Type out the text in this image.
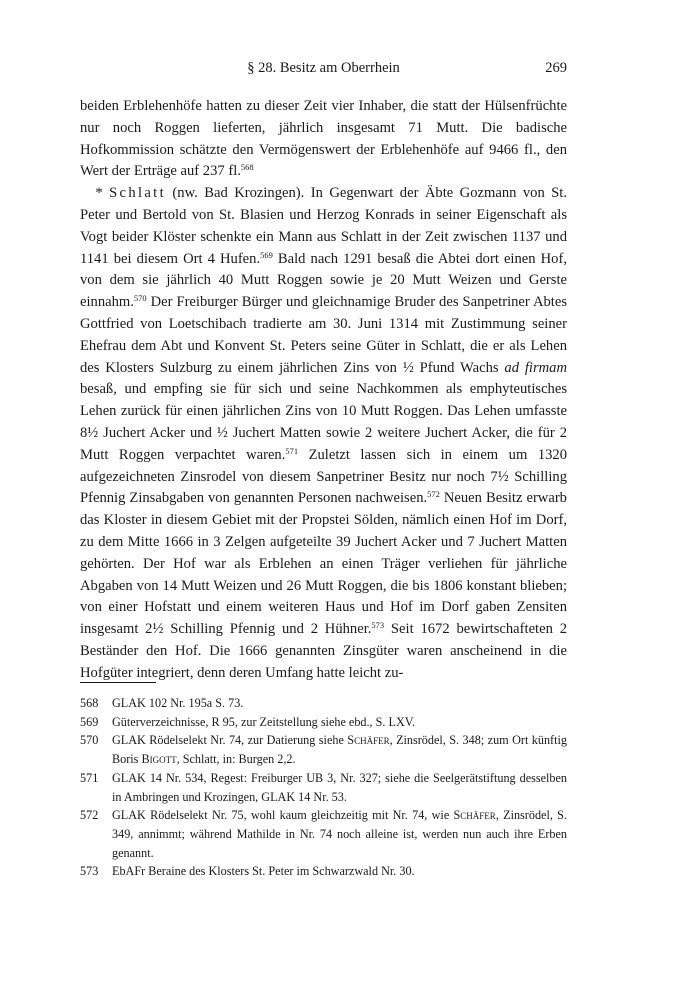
§ 28. Besitz am Oberrhein	269

beiden Erblehenhöfe hatten zu dieser Zeit vier Inhaber, die statt der Hülsenfrüchte nur noch Roggen lieferten, jährlich insgesamt 71 Mutt. Die badische Hofkommission schätzte den Vermögenswert der Erblehenhöfe auf 9466 fl., den Wert der Erträge auf 237 fl.$^{568}$

* Schlatt (nw. Bad Krozingen). In Gegenwart der Äbte Gozmann von St. Peter und Bertold von St. Blasien und Herzog Konrads in seiner Eigenschaft als Vogt beider Klöster schenkte ein Mann aus Schlatt in der Zeit zwischen 1137 und 1141 bei diesem Ort 4 Hufen.$^{569}$ Bald nach 1291 besaß die Abtei dort einen Hof, von dem sie jährlich 40 Mutt Roggen sowie je 20 Mutt Weizen und Gerste einnahm.$^{570}$ Der Freiburger Bürger und gleichnamige Bruder des Sanpetriner Abtes Gottfried von Loetschibach tradierte am 30. Juni 1314 mit Zustimmung seiner Ehefrau dem Abt und Konvent St. Peters seine Güter in Schlatt, die er als Lehen des Klosters Sulzburg zu einem jährlichen Zins von ½ Pfund Wachs ad firmam besaß, und empfing sie für sich und seine Nachkommen als emphyteutisches Lehen zurück für einen jährlichen Zins von 10 Mutt Roggen. Das Lehen umfasste 8½ Juchert Acker und ½ Juchert Matten sowie 2 weitere Juchert Acker, die für 2 Mutt Roggen verpachtet waren.$^{571}$ Zuletzt lassen sich in einem um 1320 aufgezeichneten Zinsrodel von diesem Sanpetriner Besitz nur noch 7½ Schilling Pfennig Zinsabgaben von genannten Personen nachweisen.$^{572}$ Neuen Besitz erwarb das Kloster in diesem Gebiet mit der Propstei Sölden, nämlich einen Hof im Dorf, zu dem Mitte 1666 in 3 Zelgen aufgeteilte 39 Juchert Acker und 7 Juchert Matten gehörten. Der Hof war als Erblehen an einen Träger verliehen für jährliche Abgaben von 14 Mutt Weizen und 26 Mutt Roggen, die bis 1806 konstant blieben; von einer Hofstatt und einem weiteren Haus und Hof im Dorf gaben Zensiten insgesamt 2½ Schilling Pfennig und 2 Hühner.$^{573}$ Seit 1672 bewirtschafteten 2 Beständer den Hof. Die 1666 genannten Zinsgüter waren anscheinend in die Hofgüter integriert, denn deren Umfang hatte leicht zu-

568	GLAK 102 Nr. 195a S. 73.
569	Güterverzeichnisse, R 95, zur Zeitstellung siehe ebd., S. LXV.
570	GLAK Rödelselekt Nr. 74, zur Datierung siehe Schäfer, Zinsrödel, S. 348; zum Ort künftig Boris Bigott, Schlatt, in: Burgen 2,2.
571	GLAK 14 Nr. 534, Regest: Freiburger UB 3, Nr. 327; siehe die Seelgerätstiftung desselben in Ambringen und Krozingen, GLAK 14 Nr. 53.
572	GLAK Rödelselekt Nr. 75, wohl kaum gleichzeitig mit Nr. 74, wie Schäfer, Zinsrödel, S. 349, annimmt; während Mathilde in Nr. 74 noch alleine ist, werden nun auch ihre Erben genannt.
573	EbAFr Beraine des Klosters St. Peter im Schwarzwald Nr. 30.
